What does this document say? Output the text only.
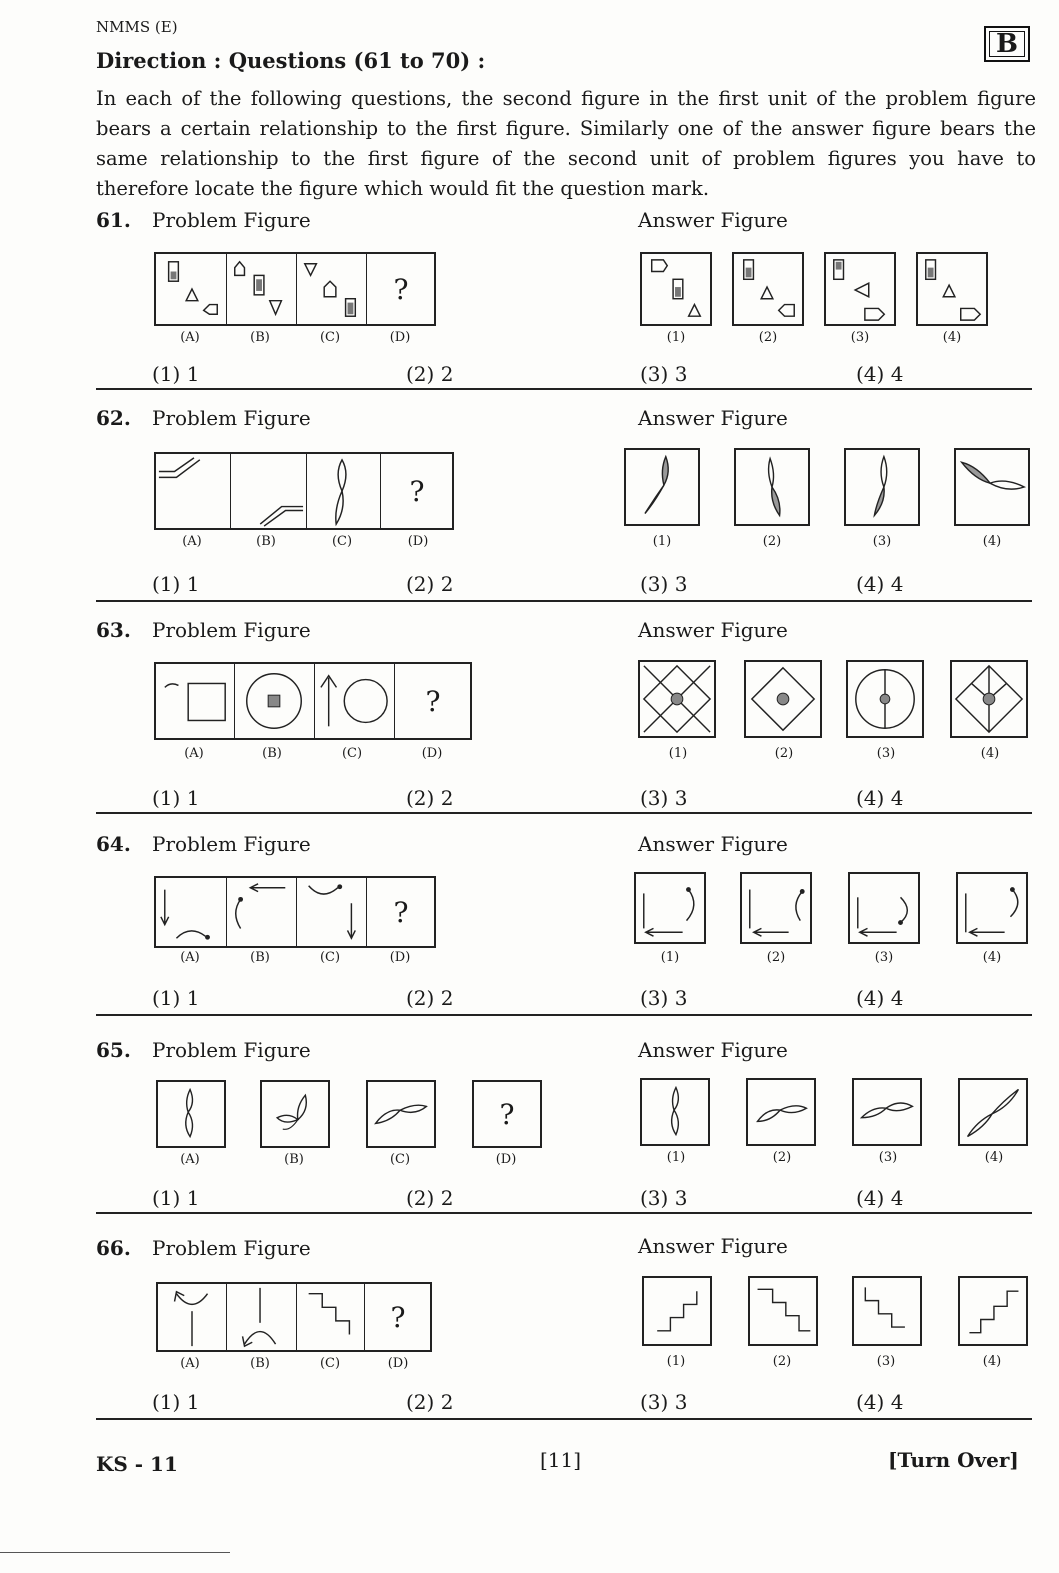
NMMS (E)
B
Direction : Questions (61 to 70) :
In each of the following questions, the second figure in the first unit of the problem figure bears a certain relationship to the first figure. Similarly one of the answer figure bears the same relationship to the first figure of the second unit of problem figures you have to therefore locate the figure which would fit the question mark.
61. Problem Figure	Answer Figure
?
(A)	(B)	(C)	(D)	(1)	(2)	(3)	(4)
(1) 1	(2) 2	(3) 3	(4) 4
62. Problem Figure	Answer Figure
?
(A)	(B)	(C)	(D)	(1)	(2)	(3)	(4)
(1) 1	(2) 2	(3) 3	(4) 4
63. Problem Figure	Answer Figure
?
(A)	(B)	(C)	(D)	(1)	(2)	(3)	(4)
(1) 1	(2) 2	(3) 3	(4) 4
64. Problem Figure	Answer Figure
?
(A)	(B)	(C)	(D)	(1)	(2)	(3)	(4)
(1) 1	(2) 2	(3) 3	(4) 4
65. Problem Figure	Answer Figure
?
(A)	(B)	(C)	(D)	(1)	(2)	(3)	(4)
(1) 1	(2) 2	(3) 3	(4) 4
66. Problem Figure	Answer Figure
?
(A)	(B)	(C)	(D)	(1)	(2)	(3)	(4)
(1) 1	(2) 2	(3) 3	(4) 4
KS - 11	[11]	[Turn Over]
